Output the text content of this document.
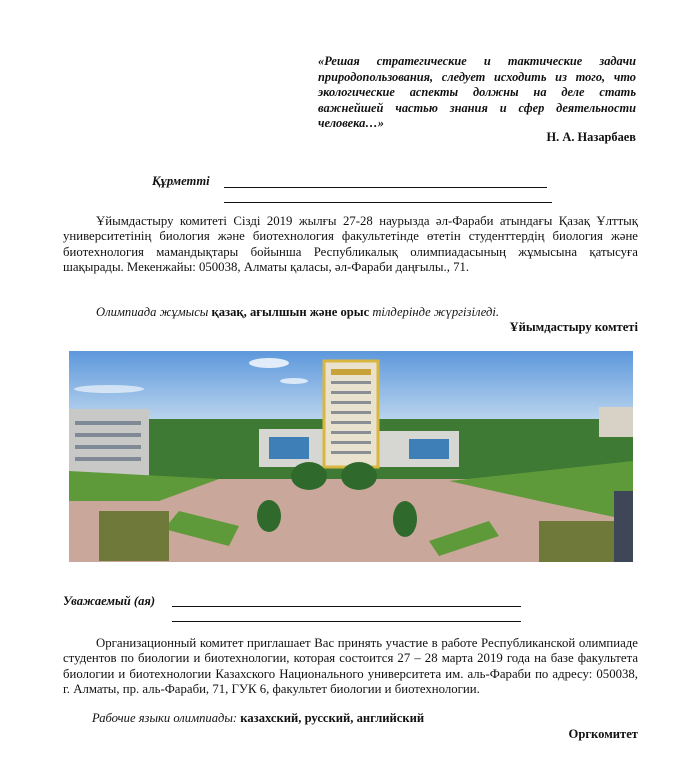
«Решая стратегические и тактические задачи природопользования, следует исходить из того, что экологические аспекты должны на деле стать важнейшей частью знания и сфер деятельности человека…»
Н. А. Назарбаев
Құрметті
Ұйымдастыру комитеті Сізді 2019 жылғы 27-28 наурызда әл-Фараби атындағы Қазақ Ұлттық университетінің биология және биотехнология факультетінде өтетін студенттердің биология және биотехнология мамандықтары бойынша Республикалық олимпиадасының жұмысына қатысуға шақырады. Мекенжайы: 050038, Алматы қаласы, әл-Фараби даңғылы., 71.
Олимпиада жұмысы қазақ, ағылшын және орыс тілдерінде жүргізіледі.
Ұйымдастыру комтеті
Уважаемый (ая)
Организационный комитет приглашает Вас принять участие в работе Республиканской олимпиаде студентов по биологии и биотехнологии, которая состоится 27 – 28 марта 2019 года на базе факультета биологии и биотехнологии Казахского Национального университета им. аль-Фараби по адресу: 050038, г. Алматы, пр. аль-Фараби, 71, ГУК 6, факультет биологии и биотехнологии.
Рабочие языки олимпиады: казахский, русский, английский
Оргкомитет
